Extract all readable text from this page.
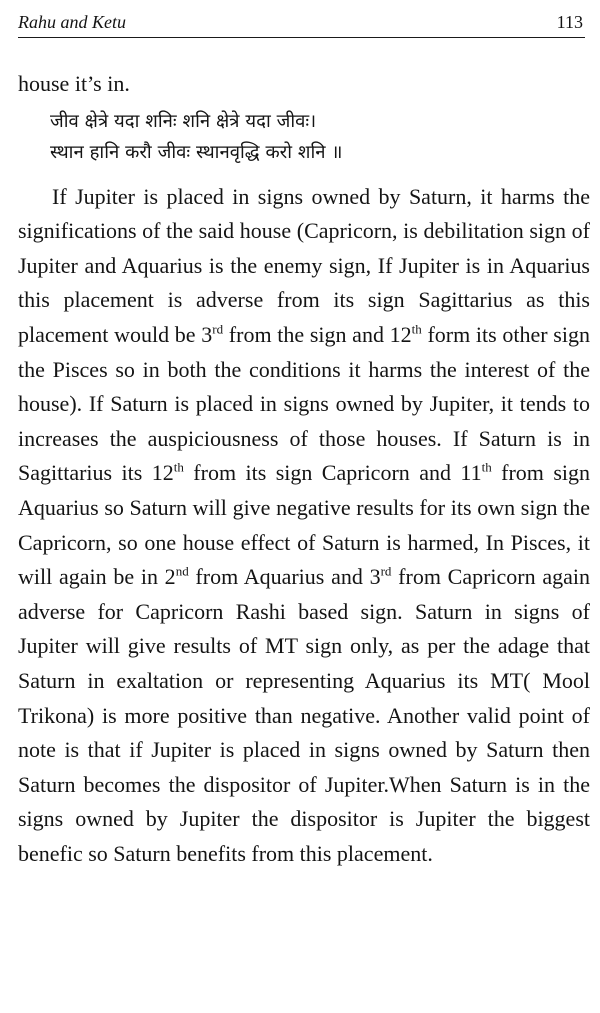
Rahu and Ketu	113

house it’s in.

जीव क्षेत्रे यदा शनिः शनि क्षेत्रे यदा जीवः।
स्थान हानि करौ जीवः स्थानवृद्धि करो शनि ॥

If Jupiter is placed in signs owned by Saturn, it harms the significations of the said house (Capricorn, is debilitation sign of Jupiter and Aquarius is the enemy sign, If Jupiter is in Aquarius this placement is adverse from its sign Sagittarius as this placement would be 3rd from the sign and 12th form its other sign the Pisces so in both the conditions it harms the interest of the house). If Saturn is placed in signs owned by Jupiter, it tends to increases the auspiciousness of those houses. If Saturn is in Sagittarius its 12th from its sign Capricorn and 11th from sign Aquarius so Saturn will give negative results for its own sign the Capricorn, so one house effect of Saturn is harmed, In Pisces, it will again be in 2nd from Aquarius and 3rd from Capricorn again adverse for Capricorn Rashi based sign. Saturn in signs of Jupiter will give results of MT sign only, as per the adage that Saturn in exaltation or representing Aquarius its MT( Mool Trikona) is more positive than negative. Another valid point of note is that if Jupiter is placed in signs owned by Saturn then Saturn becomes the dispositor of Jupiter.When Saturn is in the signs owned by Jupiter the dispositor is Jupiter the biggest benefic so Saturn benefits from this placement.
